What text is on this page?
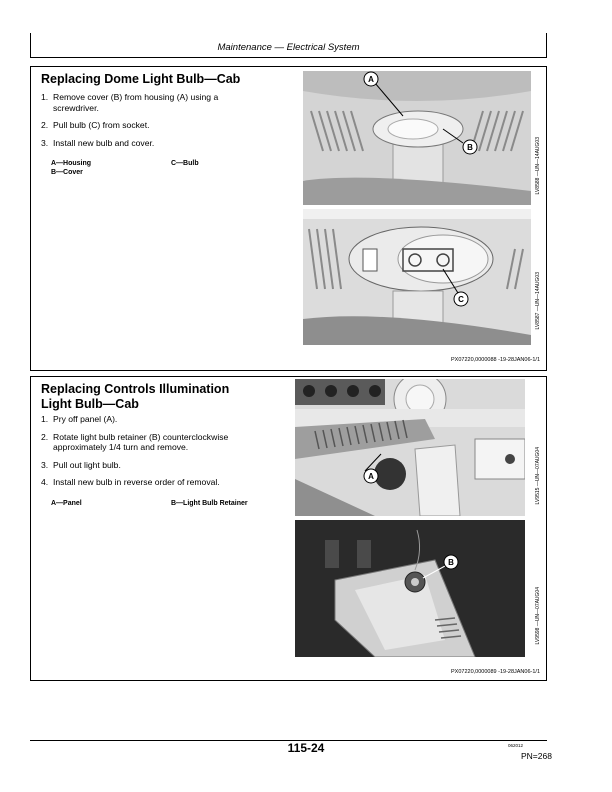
Maintenance — Electrical System
Replacing Dome Light Bulb—Cab
1. Remove cover (B) from housing (A) using a screwdriver.
2. Pull bulb (C) from socket.
3. Install new bulb and cover.
A—Housing
B—Cover
C—Bulb
A
B	LV8588 —UN—14AUG03
C	LV8587 —UN—14AUG03
PX07220,0000088 -19-28JAN06-1/1
Replacing Controls Illumination Light Bulb—Cab
1. Pry off panel (A).
2. Rotate light bulb retainer (B) counterclockwise approximately 1/4 turn and remove.
3. Pull out light bulb.
4. Install new bulb in reverse order of removal.
A—Panel	B—Light Bulb Retainer
A	LV9515 —UN—07AUG04
B
LV9598 —UN—07AUG04
PX07220,0000089 -19-28JAN06-1/1
115-24	062012
PN=268
